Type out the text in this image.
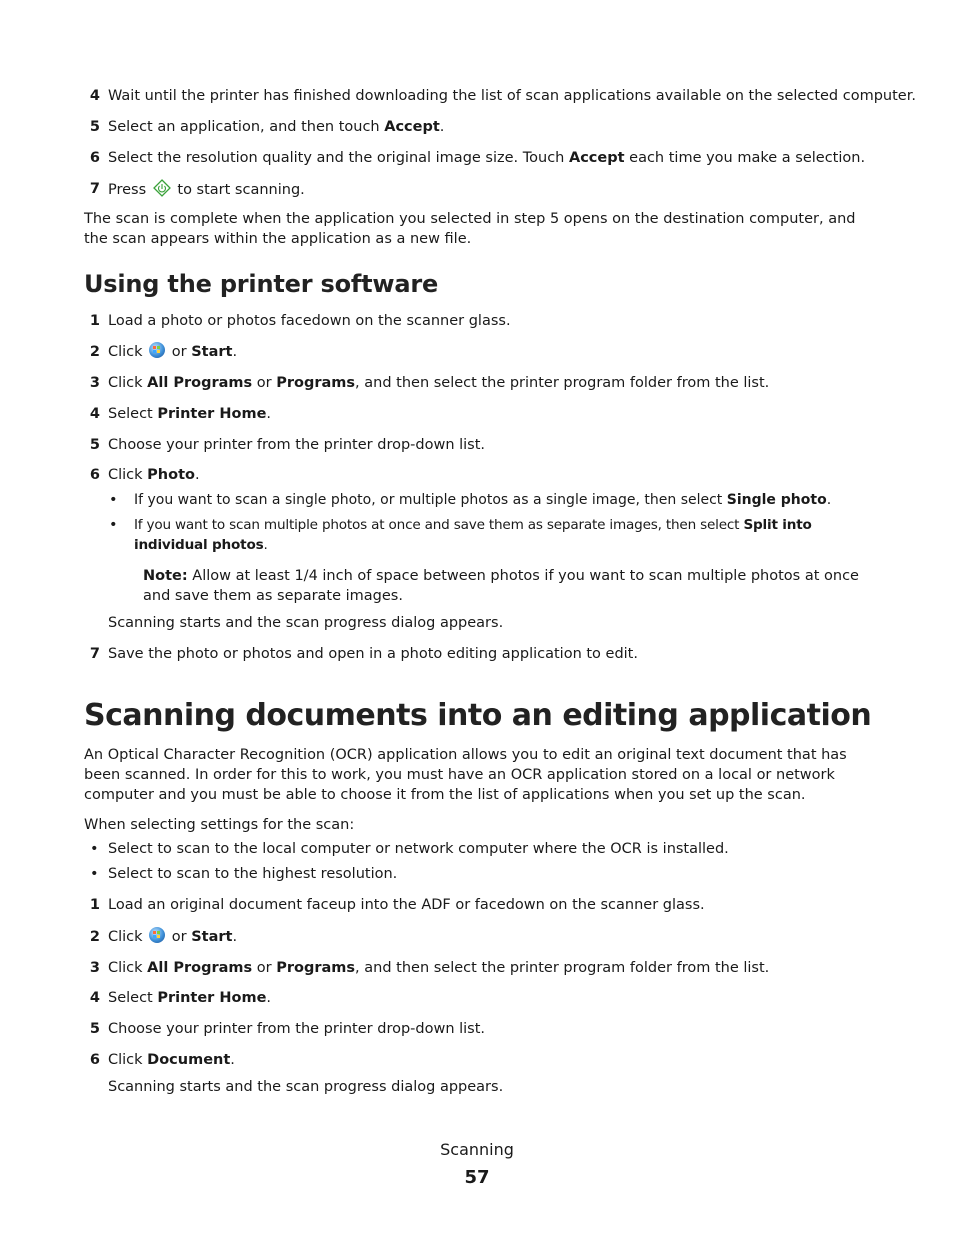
4 Wait until the printer has finished downloading the list of scan applications available on the selected computer.
5 Select an application, and then touch Accept.
6 Select the resolution quality and the original image size. Touch Accept each time you make a selection.
7 Press  to start scanning.
The scan is complete when the application you selected in step 5 opens on the destination computer, and the scan appears within the application as a new file.
Using the printer software
1 Load a photo or photos facedown on the scanner glass.
2 Click  or Start.
3 Click All Programs or Programs, and then select the printer program folder from the list.
4 Select Printer Home.
5 Choose your printer from the printer drop-down list.
6 Click Photo.
• If you want to scan a single photo, or multiple photos as a single image, then select Single photo.
• If you want to scan multiple photos at once and save them as separate images, then select Split into individual photos.
Note: Allow at least 1/4 inch of space between photos if you want to scan multiple photos at once and save them as separate images.
Scanning starts and the scan progress dialog appears.
7 Save the photo or photos and open in a photo editing application to edit.
Scanning documents into an editing application
An Optical Character Recognition (OCR) application allows you to edit an original text document that has been scanned. In order for this to work, you must have an OCR application stored on a local or network computer and you must be able to choose it from the list of applications when you set up the scan.
When selecting settings for the scan:
• Select to scan to the local computer or network computer where the OCR is installed.
• Select to scan to the highest resolution.
1 Load an original document faceup into the ADF or facedown on the scanner glass.
2 Click  or Start.
3 Click All Programs or Programs, and then select the printer program folder from the list.
4 Select Printer Home.
5 Choose your printer from the printer drop-down list.
6 Click Document.
Scanning starts and the scan progress dialog appears.
Scanning
57
